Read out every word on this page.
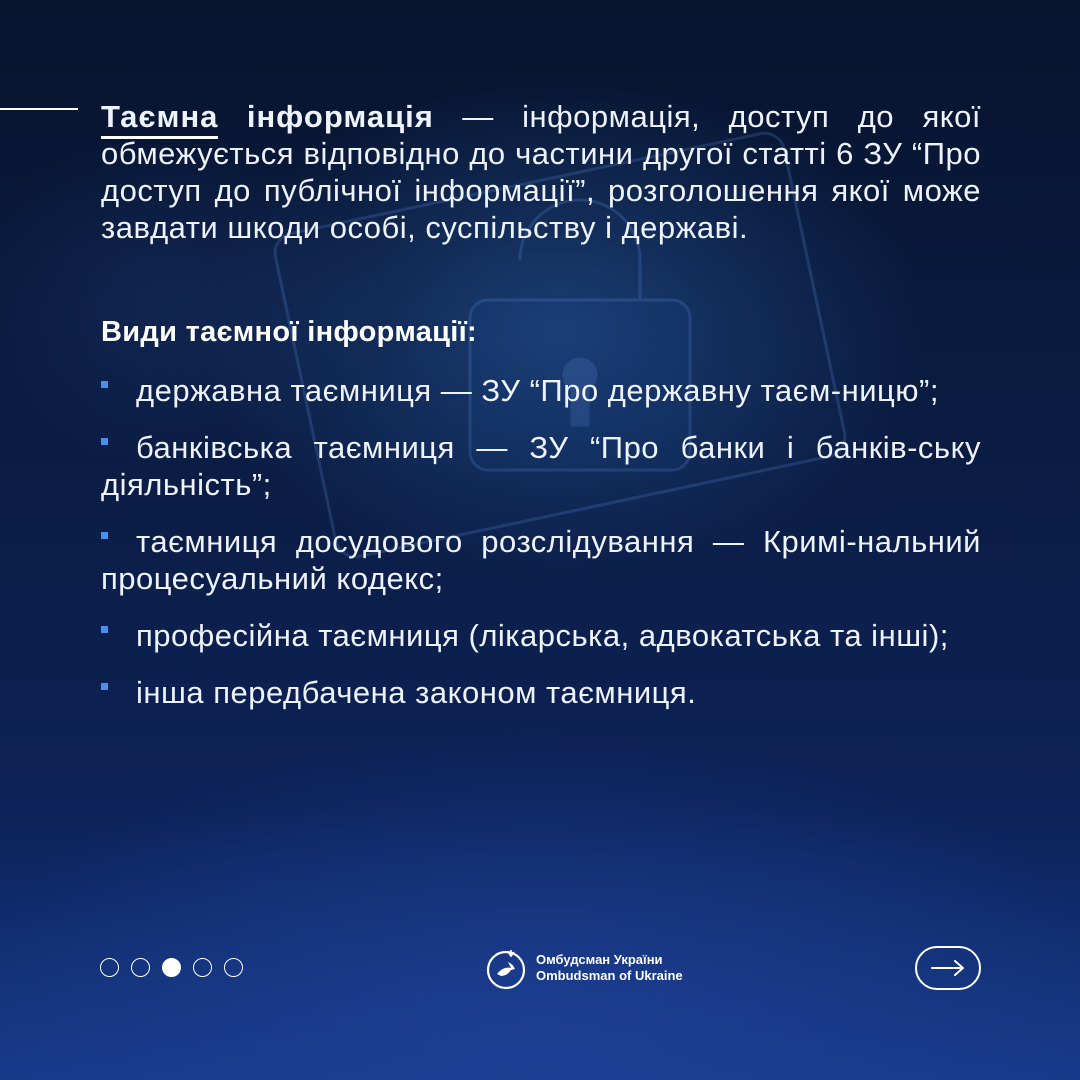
Таємна інформація — інформація, доступ до якої обмежується відповідно до частини другої статті 6 ЗУ “Про доступ до публічної інформації”, розголошення якої може завдати шкоди особі, суспільству і державі.

Види таємної інформації:
державна таємниця — ЗУ “Про державну таєм-ницю”;
банківська таємниця — ЗУ “Про банки і банків-ську діяльність”;
таємниця досудового розслідування — Кримі-нальний процесуальний кодекс;
професійна таємниця (лікарська, адвокатська та інші);
інша передбачена законом таємниця.
Омбудсман України
Ombudsman of Ukraine
